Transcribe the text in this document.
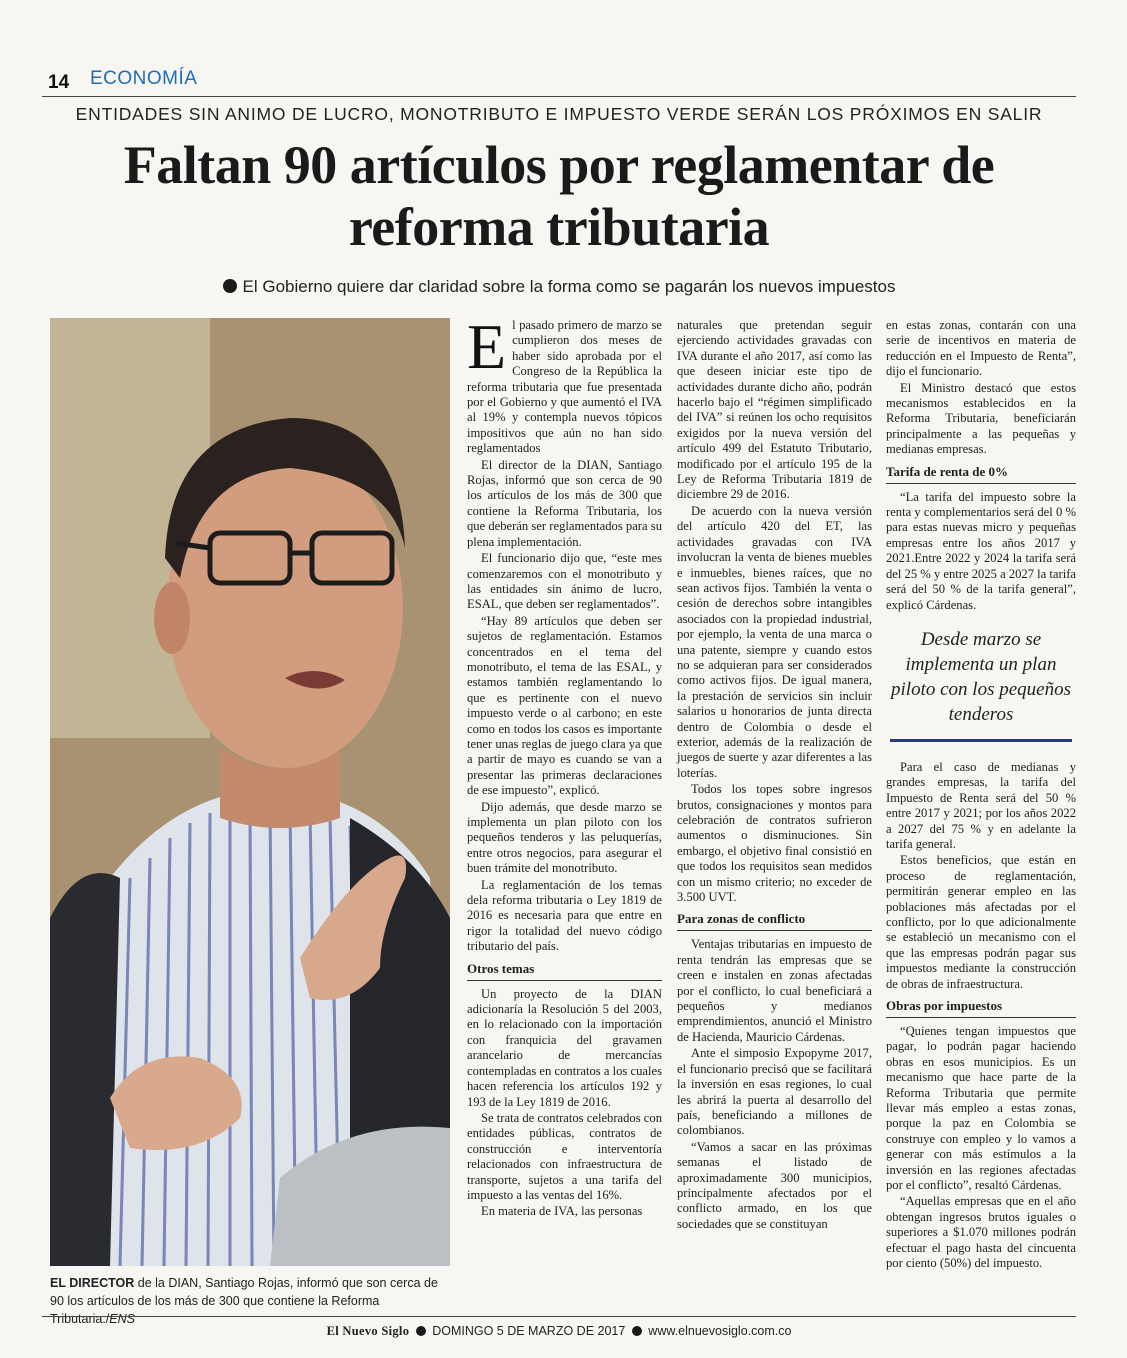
14 ECONOMÍA
ENTIDADES SIN ANIMO DE LUCRO, MONOTRIBUTO E IMPUESTO VERDE SERÁN LOS PRÓXIMOS EN SALIR
Faltan 90 artículos por reglamentar de reforma tributaria
El Gobierno quiere dar claridad sobre la forma como se pagarán los nuevos impuestos
EL DIRECTOR de la DIAN, Santiago Rojas, informó que son cerca de 90 los artículos de los más de 300 que contiene la Reforma Tributaria./ENS

El pasado primero de marzo se cumplieron dos meses de haber sido aprobada por el Congreso de la República la reforma tributaria que fue presentada por el Gobierno y que aumentó el IVA al 19% y contempla nuevos tópicos impositivos que aún no han sido reglamentados

El director de la DIAN, Santiago Rojas, informó que son cerca de 90 los artículos de los más de 300 que contiene la Reforma Tributaria, los que deberán ser reglamentados para su plena implementación.

El funcionario dijo que, “este mes comenzaremos con el monotributo y las entidades sin ánimo de lucro, ESAL, que deben ser reglamentados”.

“Hay 89 artículos que deben ser sujetos de reglamentación. Estamos concentrados en el tema del monotributo, el tema de las ESAL, y estamos también reglamentando lo que es pertinente con el nuevo impuesto verde o al carbono; en este como en todos los casos es importante tener unas reglas de juego clara ya que a partir de mayo es cuando se van a presentar las primeras declaraciones de ese impuesto”, explicó.

Dijo además, que desde marzo se implementa un plan piloto con los pequeños tenderos y las peluquerías, entre otros negocios, para asegurar el buen trámite del monotributo.

La reglamentación de los temas dela reforma tributaria o Ley 1819 de 2016 es necesaria para que entre en rigor la totalidad del nuevo código tributario del país.

Otros temas

Un proyecto de la DIAN adicionaría la Resolución 5 del 2003, en lo relacionado con la importación con franquicia del gravamen arancelario de mercancías contempladas en contratos a los cuales hacen referencia los artículos 192 y 193 de la Ley 1819 de 2016.

Se trata de contratos celebrados con entidades públicas, contratos de construcción e interventoría relacionados con infraestructura de transporte, sujetos a una tarifa del impuesto a las ventas del 16%.

En materia de IVA, las personas

naturales que pretendan seguir ejerciendo actividades gravadas con IVA durante el año 2017, así como las que deseen iniciar este tipo de actividades durante dicho año, podrán hacerlo bajo el “régimen simplificado del IVA” si reúnen los ocho requisitos exigidos por la nueva versión del artículo 499 del Estatuto Tributario, modificado por el artículo 195 de la Ley de Reforma Tributaria 1819 de diciembre 29 de 2016.

De acuerdo con la nueva versión del artículo 420 del ET, las actividades gravadas con IVA involucran la venta de bienes muebles e inmuebles, bienes raíces, que no sean activos fijos. También la venta o cesión de derechos sobre intangibles asociados con la propiedad industrial, por ejemplo, la venta de una marca o una patente, siempre y cuando estos no se adquieran para ser considerados como activos fijos. De igual manera, la prestación de servicios sin incluir salarios u honorarios de junta directa dentro de Colombia o desde el exterior, además de la realización de juegos de suerte y azar diferentes a las loterías.

Todos los topes sobre ingresos brutos, consignaciones y montos para celebración de contratos sufrieron aumentos o disminuciones. Sin embargo, el objetivo final consistió en que todos los requisitos sean medidos con un mismo criterio; no exceder de 3.500 UVT.

Para zonas de conflicto

Ventajas tributarias en impuesto de renta tendrán las empresas que se creen e instalen en zonas afectadas por el conflicto, lo cual beneficiará a pequeños y medianos emprendimientos, anunció el Ministro de Hacienda, Mauricio Cárdenas.

Ante el simposio Expopyme 2017, el funcionario precisó que se facilitará la inversión en esas regiones, lo cual les abrirá la puerta al desarrollo del país, beneficiando a millones de colombianos.

“Vamos a sacar en las próximas semanas el listado de aproximadamente 300 municipios, principalmente afectados por el conflicto armado, en los que sociedades que se constituyan

en estas zonas, contarán con una serie de incentivos en materia de reducción en el Impuesto de Renta”, dijo el funcionario.

El Ministro destacó que estos mecanismos establecidos en la Reforma Tributaria, beneficiarán principalmente a las pequeñas y medianas empresas.

Tarifa de renta de 0%

“La tarifa del impuesto sobre la renta y complementarios será del 0 % para estas nuevas micro y pequeñas empresas entre los años 2017 y 2021.Entre 2022 y 2024 la tarifa será del 25 % y entre 2025 a 2027 la tarifa será del 50 % de la tarifa general”, explicó Cárdenas.

Desde marzo se implementa un plan piloto con los pequeños tenderos

Para el caso de medianas y grandes empresas, la tarifa del Impuesto de Renta será del 50 % entre 2017 y 2021; por los años 2022 a 2027 del 75 % y en adelante la tarifa general.

Estos beneficios, que están en proceso de reglamentación, permitirán generar empleo en las poblaciones más afectadas por el conflicto, por lo que adicionalmente se estableció un mecanismo con el que las empresas podrán pagar sus impuestos mediante la construcción de obras de infraestructura.

Obras por impuestos

“Quienes tengan impuestos que pagar, lo podrán pagar haciendo obras en esos municipios. Es un mecanismo que hace parte de la Reforma Tributaria que permite llevar más empleo a estas zonas, porque la paz en Colombia se construye con empleo y lo vamos a generar con más estímulos a la inversión en las regiones afectadas por el conflicto”, resaltó Cárdenas.

“Aquellas empresas que en el año obtengan ingresos brutos iguales o superiores a $1.070 millones podrán efectuar el pago hasta del cincuenta por ciento (50%) del impuesto.

El Nuevo Siglo DOMINGO 5 DE MARZO DE 2017 www.elnuevosiglo.com.co
